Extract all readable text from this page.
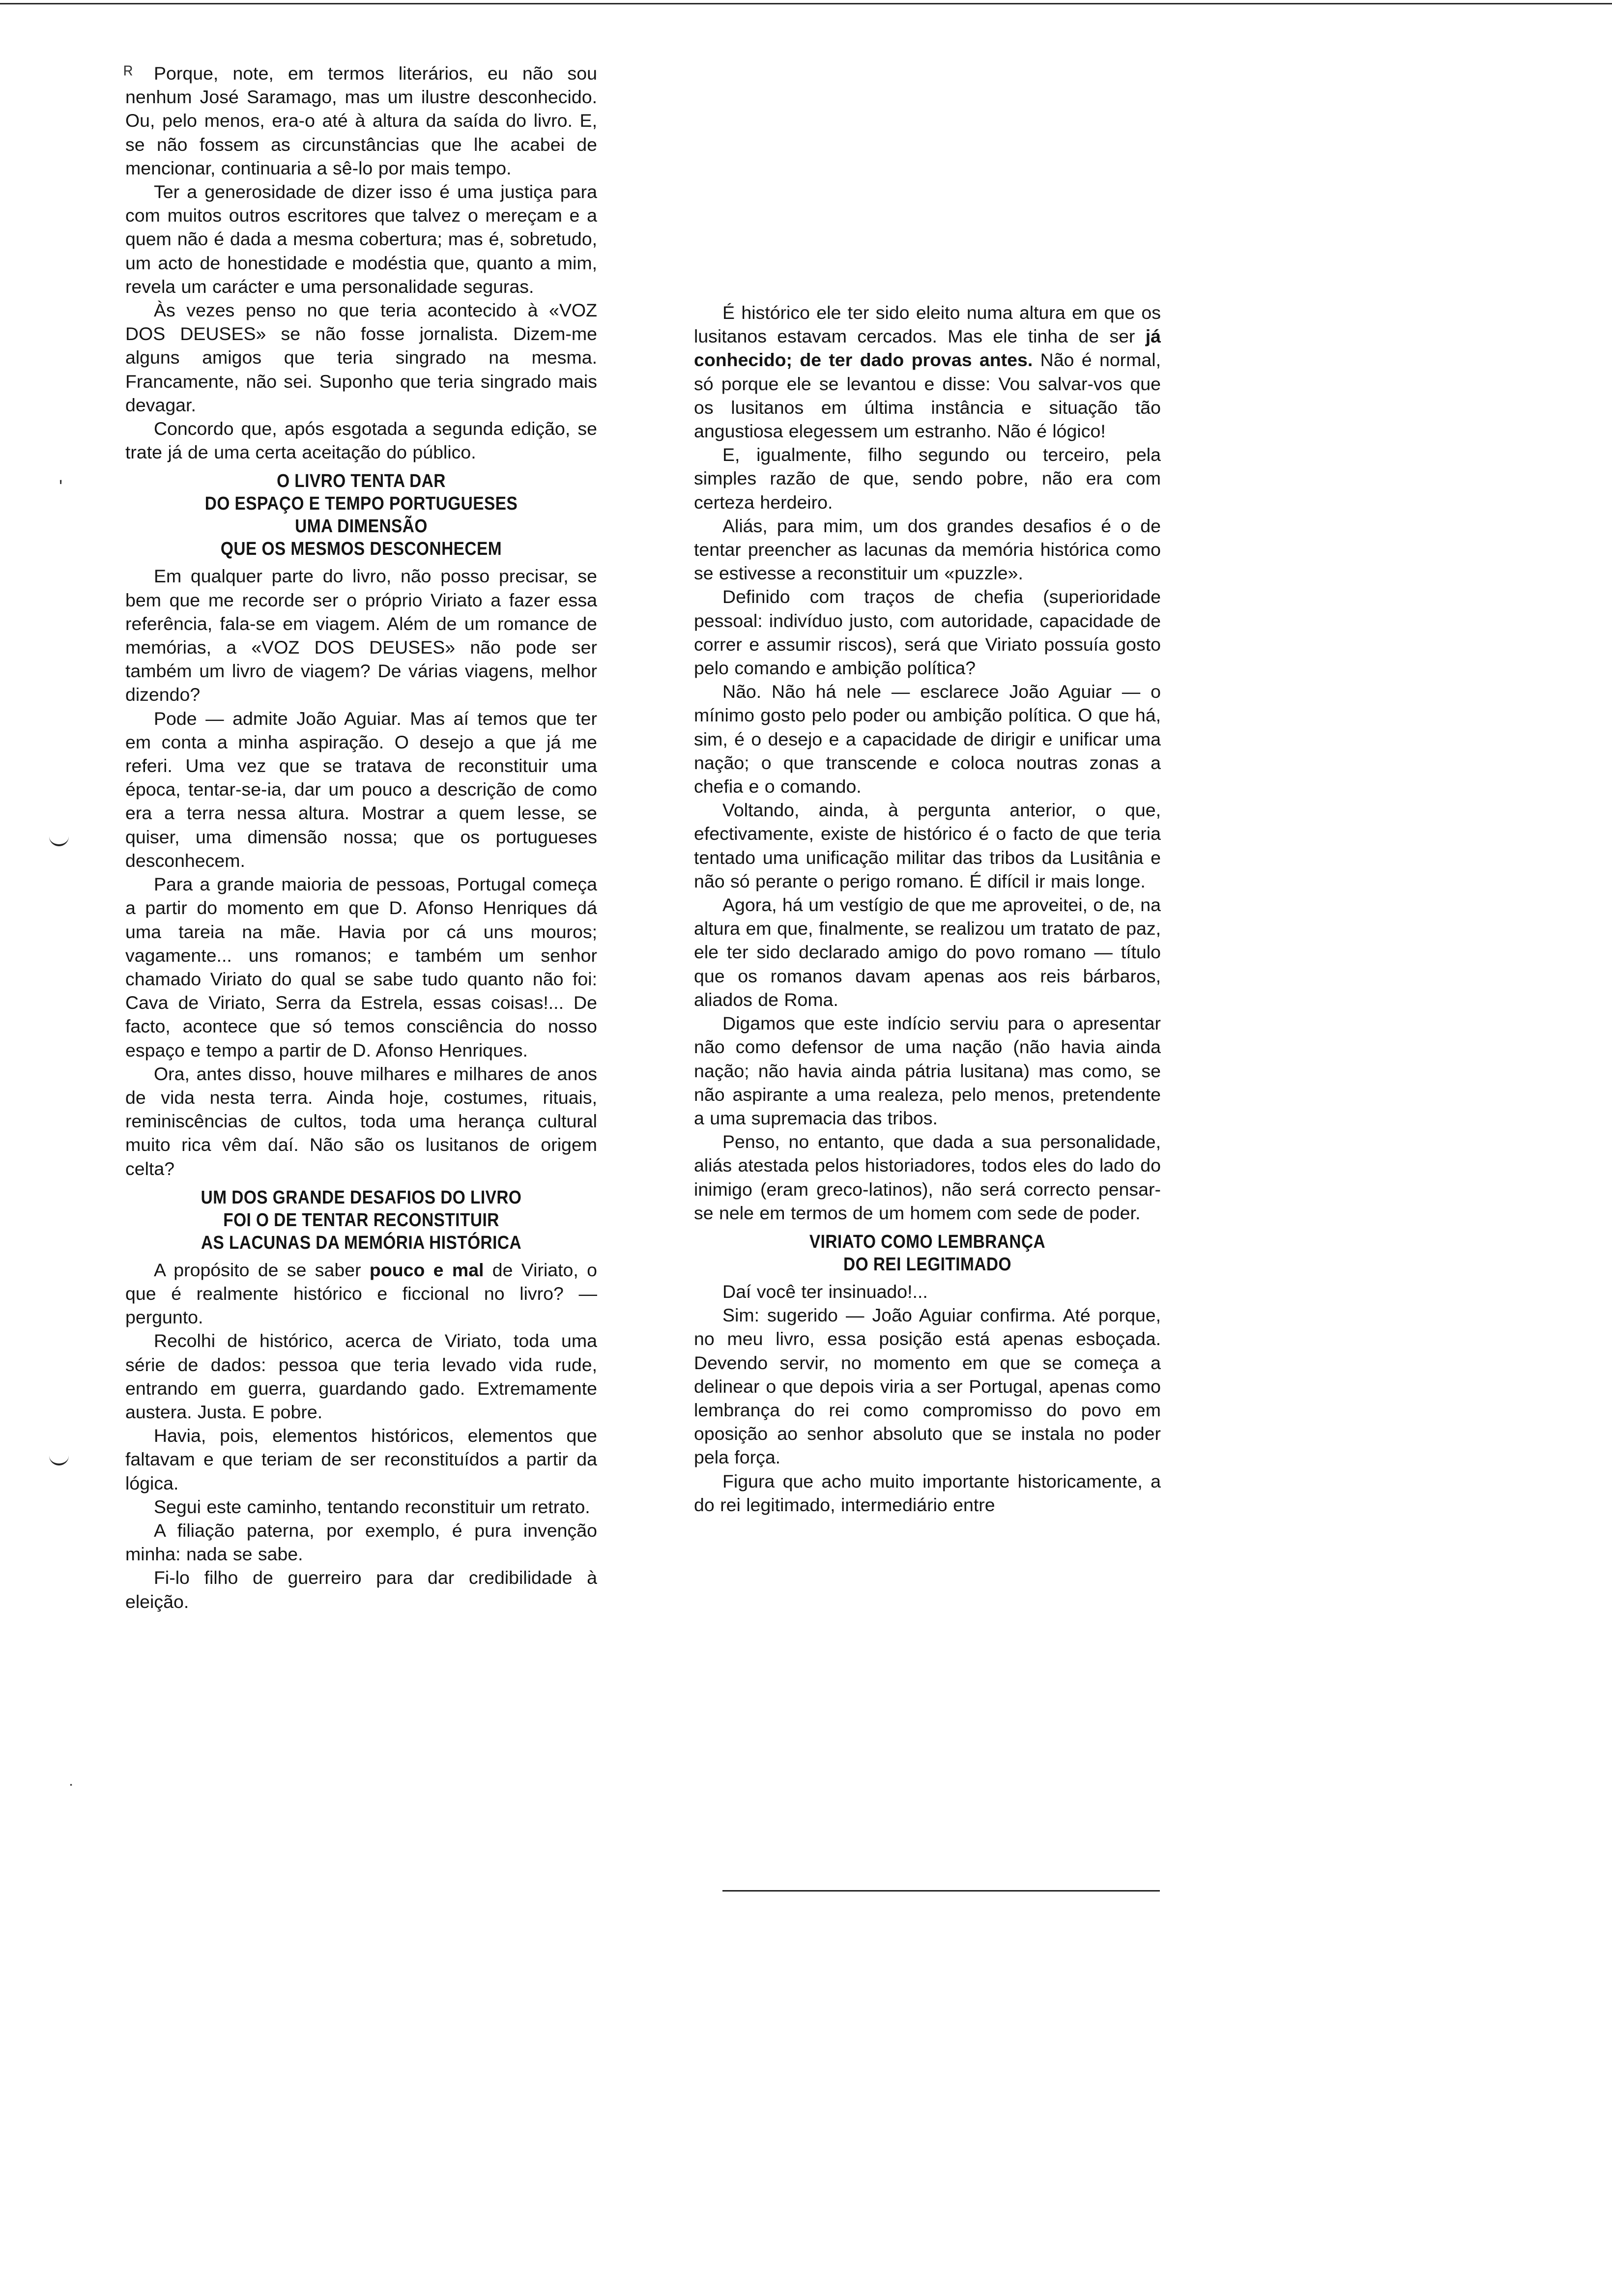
ᴿ
'
˙

Porque, note, em termos literários, eu não sou nenhum José Saramago, mas um ilustre desconhecido. Ou, pelo menos, era-o até à altura da saída do livro. E, se não fossem as circunstâncias que lhe acabei de mencionar, continuaria a sê-lo por mais tempo.

Ter a generosidade de dizer isso é uma justiça para com muitos outros escritores que talvez o mereçam e a quem não é dada a mesma cobertura; mas é, sobretudo, um acto de honestidade e modéstia que, quanto a mim, revela um carácter e uma personalidade seguras.

Às vezes penso no que teria acontecido à «VOZ DOS DEUSES» se não fosse jornalista. Dizem-me alguns amigos que teria singrado na mesma. Francamente, não sei. Suponho que teria singrado mais devagar.

Concordo que, após esgotada a segunda edição, se trate já de uma certa aceitação do público.

O LIVRO TENTA DAR
DO ESPAÇO E TEMPO PORTUGUESES
UMA DIMENSÃO
QUE OS MESMOS DESCONHECEM

Em qualquer parte do livro, não posso precisar, se bem que me recorde ser o próprio Viriato a fazer essa referência, fala-se em viagem. Além de um romance de memórias, a «VOZ DOS DEUSES» não pode ser também um livro de viagem? De várias viagens, melhor dizendo?

Pode — admite João Aguiar. Mas aí temos que ter em conta a minha aspiração. O desejo a que já me referi. Uma vez que se tratava de reconstituir uma época, tentar-se-ia, dar um pouco a descrição de como era a terra nessa altura. Mostrar a quem lesse, se quiser, uma dimensão nossa; que os portugueses desconhecem.

Para a grande maioria de pessoas, Portugal começa a partir do momento em que D. Afonso Henriques dá uma tareia na mãe. Havia por cá uns mouros; vagamente... uns romanos; e também um senhor chamado Viriato do qual se sabe tudo quanto não foi: Cava de Viriato, Serra da Estrela, essas coisas!... De facto, acontece que só temos consciência do nosso espaço e tempo a partir de D. Afonso Henriques.

Ora, antes disso, houve milhares e milhares de anos de vida nesta terra. Ainda hoje, costumes, rituais, reminiscências de cultos, toda uma herança cultural muito rica vêm daí. Não são os lusitanos de origem celta?

UM DOS GRANDE DESAFIOS DO LIVRO
FOI O DE TENTAR RECONSTITUIR
AS LACUNAS DA MEMÓRIA HISTÓRICA

A propósito de se saber pouco e mal de Viriato, o que é realmente histórico e ficcional no livro? — pergunto.

Recolhi de histórico, acerca de Viriato, toda uma série de dados: pessoa que teria levado vida rude, entrando em guerra, guardando gado. Extremamente austera. Justa. E pobre.

Havia, pois, elementos históricos, elementos que faltavam e que teriam de ser reconstituídos a partir da lógica.

Segui este caminho, tentando reconstituir um retrato.

A filiação paterna, por exemplo, é pura invenção minha: nada se sabe.

Fi-lo filho de guerreiro para dar credibilidade à eleição.

É histórico ele ter sido eleito numa altura em que os lusitanos estavam cercados. Mas ele tinha de ser já conhecido; de ter dado provas antes. Não é normal, só porque ele se levantou e disse: Vou salvar-vos que os lusitanos em última instância e situação tão angustiosa elegessem um estranho. Não é lógico!

E, igualmente, filho segundo ou terceiro, pela simples razão de que, sendo pobre, não era com certeza herdeiro.

Aliás, para mim, um dos grandes desafios é o de tentar preencher as lacunas da memória histórica como se estivesse a reconstituir um «puzzle».

Definido com traços de chefia (superioridade pessoal: indivíduo justo, com autoridade, capacidade de correr e assumir riscos), será que Viriato possuía gosto pelo comando e ambição política?

Não. Não há nele — esclarece João Aguiar — o mínimo gosto pelo poder ou ambição política. O que há, sim, é o desejo e a capacidade de dirigir e unificar uma nação; o que transcende e coloca noutras zonas a chefia e o comando.

Voltando, ainda, à pergunta anterior, o que, efectivamente, existe de histórico é o facto de que teria tentado uma unificação militar das tribos da Lusitânia e não só perante o perigo romano. É difícil ir mais longe.

Agora, há um vestígio de que me aproveitei, o de, na altura em que, finalmente, se realizou um tratato de paz, ele ter sido declarado amigo do povo romano — título que os romanos davam apenas aos reis bárbaros, aliados de Roma.

Digamos que este indício serviu para o apresentar não como defensor de uma nação (não havia ainda nação; não havia ainda pátria lusitana) mas como, se não aspirante a uma realeza, pelo menos, pretendente a uma supremacia das tribos.

Penso, no entanto, que dada a sua personalidade, aliás atestada pelos historiadores, todos eles do lado do inimigo (eram greco-latinos), não será correcto pensar-se nele em termos de um homem com sede de poder.

VIRIATO COMO LEMBRANÇA
DO REI LEGITIMADO

Daí você ter insinuado!...

Sim: sugerido — João Aguiar confirma. Até porque, no meu livro, essa posição está apenas esboçada. Devendo servir, no momento em que se começa a delinear o que depois viria a ser Portugal, apenas como lembrança do rei como compromisso do povo em oposição ao senhor absoluto que se instala no poder pela força.

Figura que acho muito importante historicamente, a do rei legitimado, intermediário entre
